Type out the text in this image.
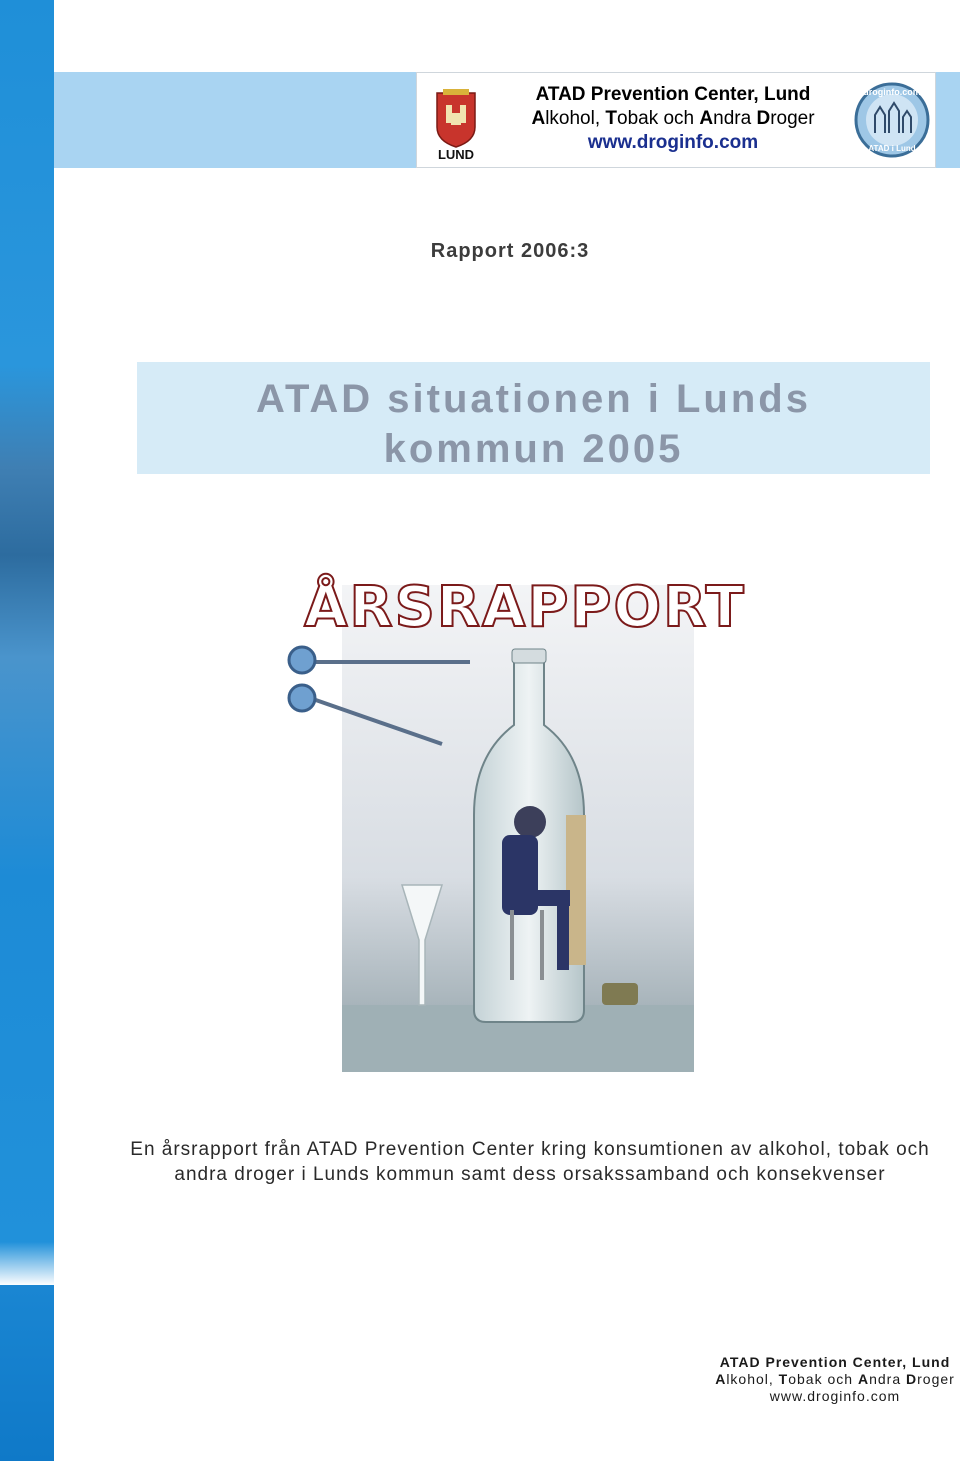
LUND
ATAD Prevention Center, Lund
Alkohol, Tobak och Andra Droger
www.droginfo.com
droginfo.com
ATAD i Lund
Rapport 2006:3
ATAD situationen i Lunds
kommun 2005
ÅRSRAPPORT
En årsrapport från ATAD Prevention Center kring konsumtionen av alkohol, tobak och andra droger i Lunds kommun samt dess orsakssamband och konsekvenser
ATAD Prevention Center, Lund
Alkohol, Tobak och Andra Droger
www.droginfo.com
